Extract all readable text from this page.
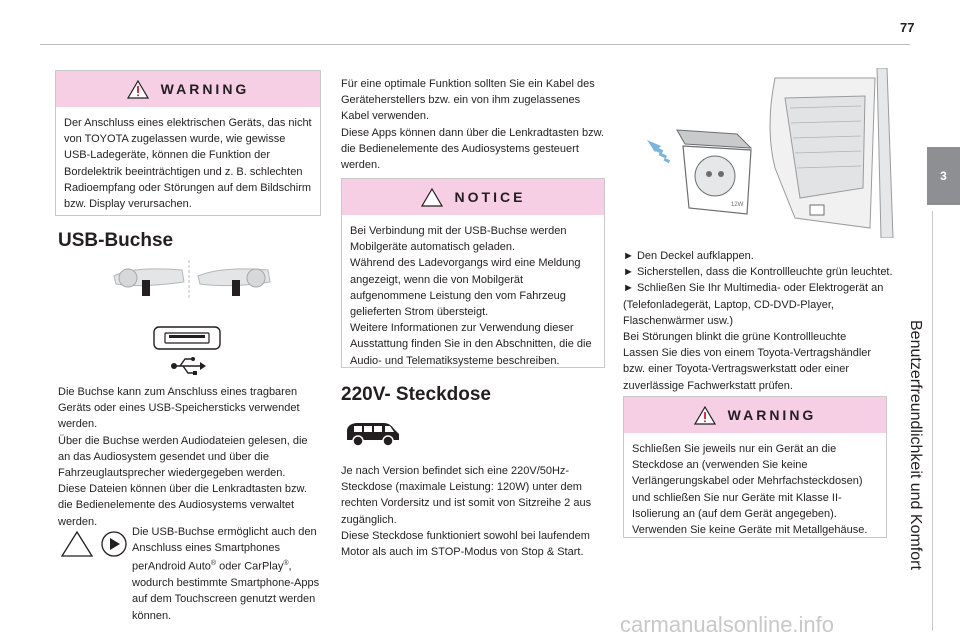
77
3
Benutzerfreundlichkeit und Komfort
WARNING
Der Anschluss eines elektrischen Geräts, das nicht von TOYOTA zugelassen wurde, wie gewisse USB-Ladegeräte, können die Funktion der Bordelektrik beeinträchtigen und z. B. schlechten Radioempfang oder Störungen auf dem Bildschirm bzw. Display verursachen.
USB-Buchse
Die Buchse kann zum Anschluss eines tragbaren Geräts oder eines USB-Speichersticks verwendet werden.
Über die Buchse werden Audiodateien gelesen, die an das Audiosystem gesendet und über die Fahrzeuglautsprecher wiedergegeben werden.
Diese Dateien können über die Lenkradtasten bzw. die Bedienelemente des Audiosystems verwaltet werden.
Die USB-Buchse ermöglicht auch den Anschluss eines Smartphones perAndroid Auto® oder CarPlay®, wodurch bestimmte Smartphone-Apps auf dem Touchscreen genutzt werden können.
Für eine optimale Funktion sollten Sie ein Kabel des Geräteherstellers bzw. ein von ihm zugelassenes Kabel verwenden.
Diese Apps können dann über die Lenkradtasten bzw. die Bedienelemente des Audiosystems gesteuert werden.
NOTICE
Bei Verbindung mit der USB-Buchse werden Mobilgeräte automatisch geladen.
Während des Ladevorgangs wird eine Meldung angezeigt, wenn die von Mobilgerät aufgenommene Leistung den vom Fahrzeug gelieferten Strom übersteigt.
Weitere Informationen zur Verwendung dieser Ausstattung finden Sie in den Abschnitten, die die Audio- und Telematiksysteme beschreiben.
220V- Steckdose
Je nach Version befindet sich eine 220V/50Hz-Steckdose (maximale Leistung: 120W) unter dem rechten Vordersitz und ist somit von Sitzreihe 2 aus zugänglich.
Diese Steckdose funktioniert sowohl bei laufendem Motor als auch im STOP-Modus von Stop & Start.
12W
► Den Deckel aufklappen.
► Sicherstellen, dass die Kontrollleuchte grün leuchtet.
► Schließen Sie Ihr Multimedia- oder Elektrogerät an (Telefonladegerät, Laptop, CD-DVD-Player, Flaschenwärmer usw.)
Bei Störungen blinkt die grüne Kontrollleuchte
Lassen Sie dies von einem Toyota-Vertragshändler bzw. einer Toyota-Vertragswerkstatt oder einer zuverlässige Fachwerkstatt prüfen.
WARNING
Schließen Sie jeweils nur ein Gerät an die Steckdose an (verwenden Sie keine Verlängerungskabel oder Mehrfachsteckdosen) und schließen Sie nur Geräte mit Klasse II-Isolierung an (auf dem Gerät angegeben).
Verwenden Sie keine Geräte mit Metallgehäuse.
carmanualsonline.info
